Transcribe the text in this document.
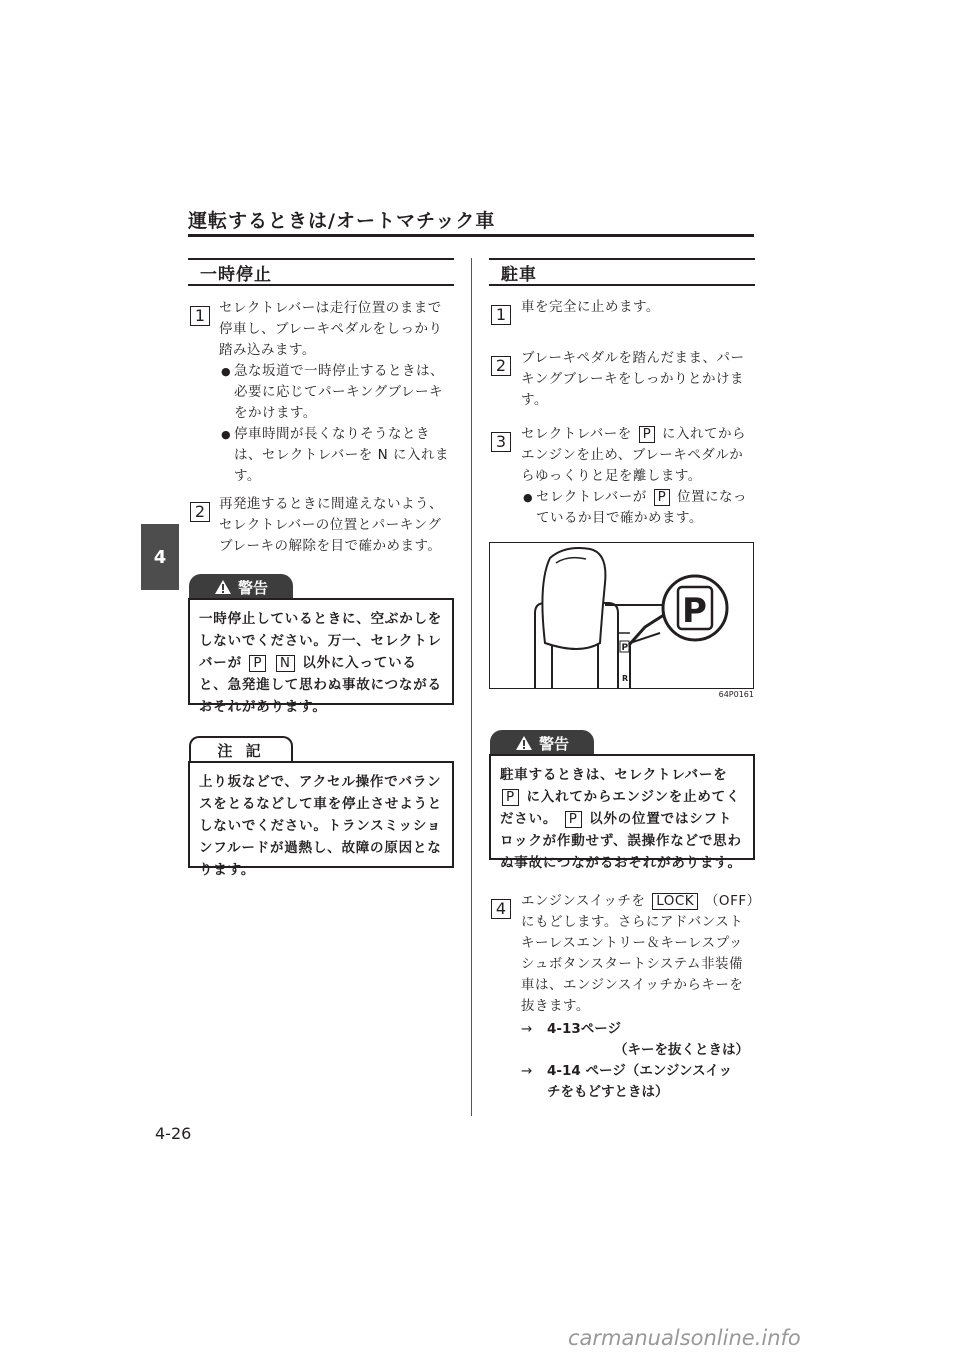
運転するときは/オートマチック車
4
一時停止
1	セレクトレバーは走行位置のままで停車し、ブレーキペダルをしっかり踏み込みます。

● 急な坂道で一時停止するときは、必要に応じてパーキングブレーキをかけます。
● 停車時間が長くなりそうなときは、セレクトレバーを N に入れます。
2	再発進するときに間違えないよう、セレクトレバーの位置とパーキングブレーキの解除を目で確かめます。

警告

一時停止しているときに、空ぶかしをしないでください。万一、セレクトレバーが P N 以外に入っていると、急発進して思わぬ事故につながるおそれがあります。

注 記

上り坂などで、アクセル操作でバランスをとるなどして車を停止させようとしないでください。トランスミッションフルードが過熱し、故障の原因となります。

駐車
1	車を完全に止めます。

2	ブレーキペダルを踏んだまま、パーキングブレーキをしっかりとかけます。

3	セレクトレバーを P に入れてからエンジンを止め、ブレーキペダルからゆっくりと足を離します。

● セレクトレバーが P 位置になっているか目で確かめます。
P
R
P
64P0161
警告

駐車するときは、セレクトレバーを P に入れてからエンジンを止めてください。 P 以外の位置ではシフトロックが作動せず、誤操作などで思わぬ事故につながるおそれがあります。

4	エンジンスイッチを LOCK （OFF）にもどします。さらにアドバンストキーレスエントリー＆キーレスプッシュボタンスタートシステム非装備車は、エンジンスイッチからキーを抜きます。

→	4-13ページ
（キーを抜くときは）
→	4-14 ページ（エンジンスイッ
チをもどすときは）
4-26
carmanualsonline.info
